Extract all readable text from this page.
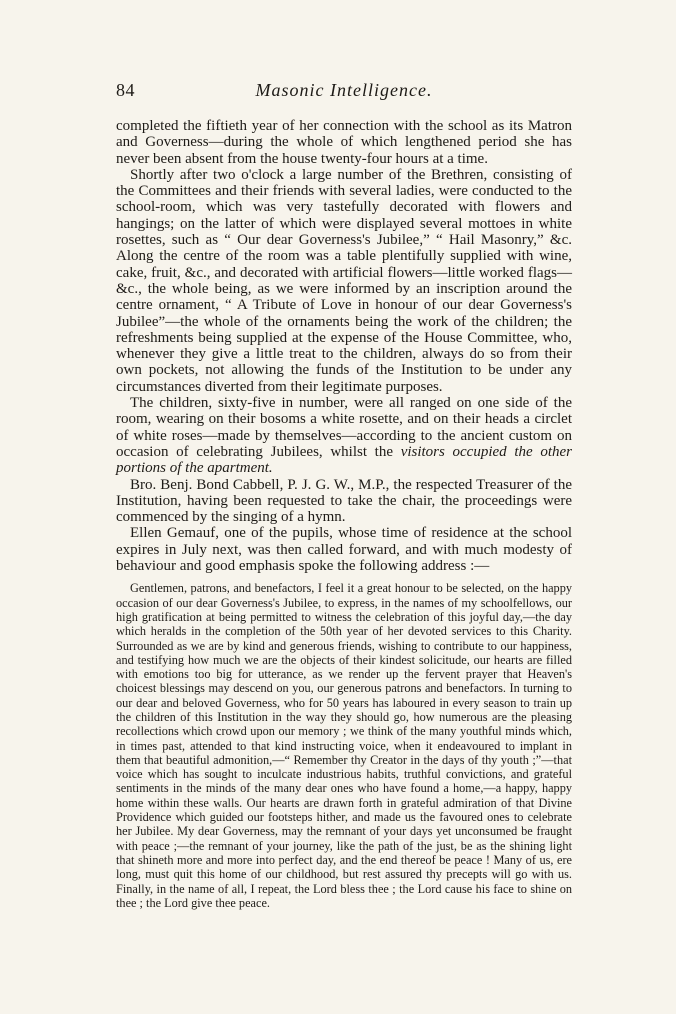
84	Masonic Intelligence.

completed the fiftieth year of her connection with the school as its Matron and Governess—during the whole of which lengthened period she has never been absent from the house twenty-four hours at a time.

Shortly after two o'clock a large number of the Brethren, consisting of the Committees and their friends with several ladies, were conducted to the school-room, which was very tastefully decorated with flowers and hangings; on the latter of which were displayed several mottoes in white rosettes, such as “ Our dear Governess's Jubilee,” “ Hail Masonry,” &c. Along the centre of the room was a table plentifully supplied with wine, cake, fruit, &c., and decorated with artificial flowers—little worked flags—&c., the whole being, as we were informed by an inscription around the centre ornament, “ A Tribute of Love in honour of our dear Governess's Jubilee”—the whole of the ornaments being the work of the children; the refreshments being supplied at the expense of the House Committee, who, whenever they give a little treat to the children, always do so from their own pockets, not allowing the funds of the Institution to be under any circumstances diverted from their legitimate purposes.

The children, sixty-five in number, were all ranged on one side of the room, wearing on their bosoms a white rosette, and on their heads a circlet of white roses—made by themselves—according to the ancient custom on occasion of celebrating Jubilees, whilst the visitors occupied the other portions of the apartment.

Bro. Benj. Bond Cabbell, P. J. G. W., M.P., the respected Treasurer of the Institution, having been requested to take the chair, the proceedings were commenced by the singing of a hymn.

Ellen Gemauf, one of the pupils, whose time of residence at the school expires in July next, was then called forward, and with much modesty of behaviour and good emphasis spoke the following address :—

Gentlemen, patrons, and benefactors, I feel it a great honour to be selected, on the happy occasion of our dear Governess's Jubilee, to express, in the names of my schoolfellows, our high gratification at being permitted to witness the celebration of this joyful day,—the day which heralds in the completion of the 50th year of her devoted services to this Charity. Surrounded as we are by kind and generous friends, wishing to contribute to our happiness, and testifying how much we are the objects of their kindest solicitude, our hearts are filled with emotions too big for utterance, as we render up the fervent prayer that Heaven's choicest blessings may descend on you, our generous patrons and benefactors. In turning to our dear and beloved Governess, who for 50 years has laboured in every season to train up the children of this Institution in the way they should go, how numerous are the pleasing recollections which crowd upon our memory ; we think of the many youthful minds which, in times past, attended to that kind instructing voice, when it endeavoured to implant in them that beautiful admonition,—“ Remember thy Creator in the days of thy youth ;”—that voice which has sought to inculcate industrious habits, truthful convictions, and grateful sentiments in the minds of the many dear ones who have found a home,—a happy, happy home within these walls. Our hearts are drawn forth in grateful admiration of that Divine Providence which guided our footsteps hither, and made us the favoured ones to celebrate her Jubilee. My dear Governess, may the remnant of your days yet unconsumed be fraught with peace ;—the remnant of your journey, like the path of the just, be as the shining light that shineth more and more into perfect day, and the end thereof be peace ! Many of us, ere long, must quit this home of our childhood, but rest assured thy precepts will go with us. Finally, in the name of all, I repeat, the Lord bless thee ; the Lord cause his face to shine on thee ; the Lord give thee peace.
